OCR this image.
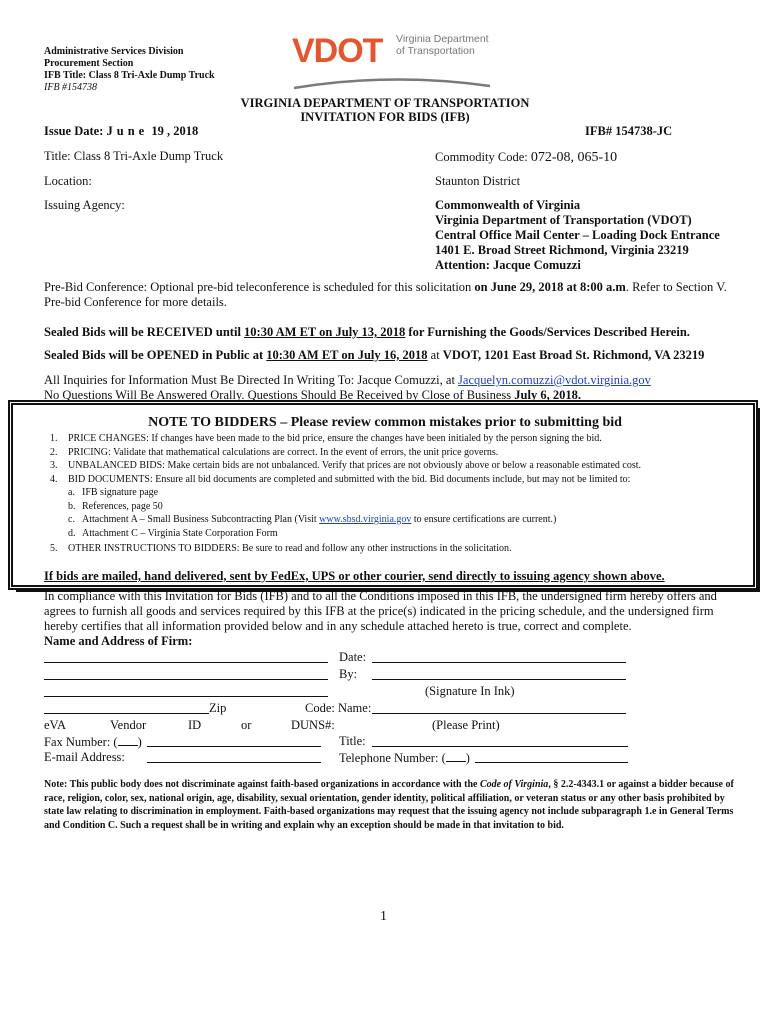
Administrative Services Division
Procurement Section
IFB Title: Class 8 Tri-Axle Dump Truck
IFB #154738
VDOT Virginia Department
of Transportation
VIRGINIA DEPARTMENT OF TRANSPORTATION
INVITATION FOR BIDS (IFB)
Issue Date: June 19 , 2018	IFB# 154738-JC
Title: Class 8 Tri-Axle Dump Truck	Commodity Code: 072-08, 065-10
Location:	Staunton District
Issuing Agency:	Commonwealth of Virginia
Virginia Department of Transportation (VDOT)
Central Office Mail Center – Loading Dock Entrance
1401 E. Broad Street Richmond, Virginia 23219
Attention: Jacque Comuzzi
Pre-Bid Conference: Optional pre-bid teleconference is scheduled for this solicitation on June 29, 2018 at 8:00 a.m. Refer to Section V. Pre-bid Conference for more details.
Sealed Bids will be RECEIVED until 10:30 AM ET on July 13, 2018 for Furnishing the Goods/Services Described Herein.
Sealed Bids will be OPENED in Public at 10:30 AM ET on July 16, 2018 at VDOT, 1201 East Broad St. Richmond, VA 23219
All Inquiries for Information Must Be Directed In Writing To: Jacque Comuzzi, at Jacquelyn.comuzzi@vdot.virginia.gov
No Questions Will Be Answered Orally. Questions Should Be Received by Close of Business July 6, 2018.
NOTE TO BIDDERS – Please review common mistakes prior to submitting bid
1.	PRICE CHANGES: If changes have been made to the bid price, ensure the changes have been initialed by the person signing the bid.
2.	PRICING: Validate that mathematical calculations are correct. In the event of errors, the unit price governs.
3.	UNBALANCED BIDS: Make certain bids are not unbalanced. Verify that prices are not obviously above or below a reasonable estimated cost.
4.	BID DOCUMENTS: Ensure all bid documents are completed and submitted with the bid. Bid documents include, but may not be limited to:
a. IFB signature page
b. References, page 50
c. Attachment A – Small Business Subcontracting Plan (Visit www.sbsd.virginia.gov to ensure certifications are current.)
d. Attachment C – Virginia State Corporation Form
5.	OTHER INSTRUCTIONS TO BIDDERS: Be sure to read and follow any other instructions in the solicitation.
If bids are mailed, hand delivered, sent by FedEx, UPS or other courier, send directly to issuing agency shown above.
In compliance with this Invitation for Bids (IFB) and to all the Conditions imposed in this IFB, the undersigned firm hereby offers and agrees to furnish all goods and services required by this IFB at the price(s) indicated in the pricing schedule, and the undersigned firm hereby certifies that all information provided below and in any schedule attached hereto is true, correct and complete.
Name and Address of Firm:
Date:
By:
(Signature In Ink)
Zip	Code: Name:
eVA	Vendor	ID	or	DUNS#:	(Please Print)
Fax Number: ( )	Title:
E-mail Address:	Telephone Number: ( )
Note: This public body does not discriminate against faith-based organizations in accordance with the Code of Virginia, § 2.2-4343.1 or against a bidder because of race, religion, color, sex, national origin, age, disability, sexual orientation, gender identity, political affiliation, or veteran status or any other basis prohibited by state law relating to discrimination in employment. Faith-based organizations may request that the issuing agency not include subparagraph 1.e in General Terms and Condition C. Such a request shall be in writing and explain why an exception should be made in that invitation to bid.
1
